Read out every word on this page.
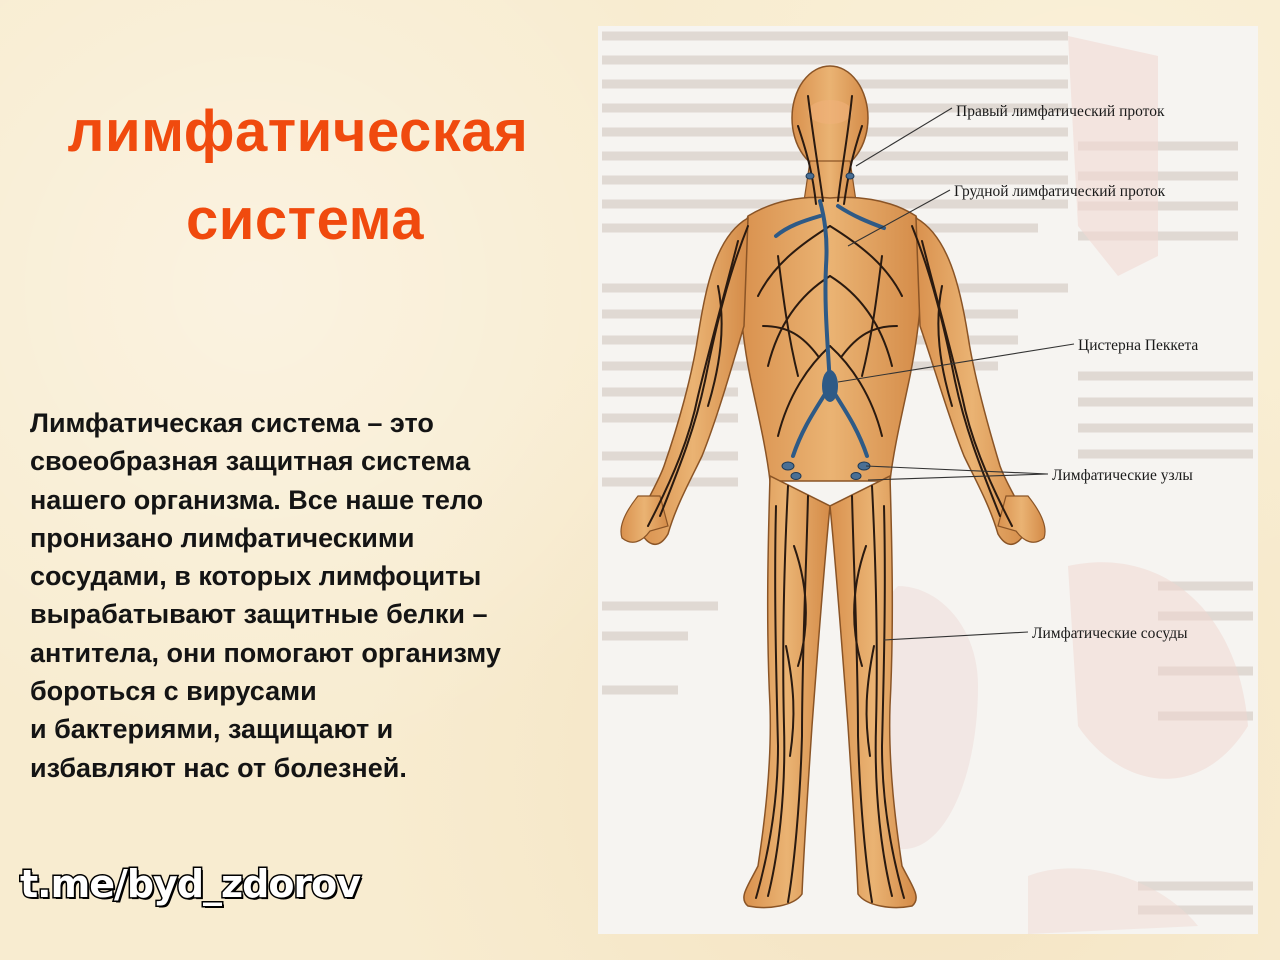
лимфатическая
система
Лимфатическая система – это
своеобразная защитная система
нашего организма. Все наше тело
пронизано лимфатическими
сосудами, в которых лимфоциты
вырабатывают защитные белки –
антитела, они помогают организму
бороться с вирусами
и бактериями, защищают и
избавляют нас от болезней.
Правый лимфатический проток
Грудной лимфатический проток
Цистерна Пеккета
Лимфатические узлы
Лимфатические сосуды
t.me/byd_zdorov
